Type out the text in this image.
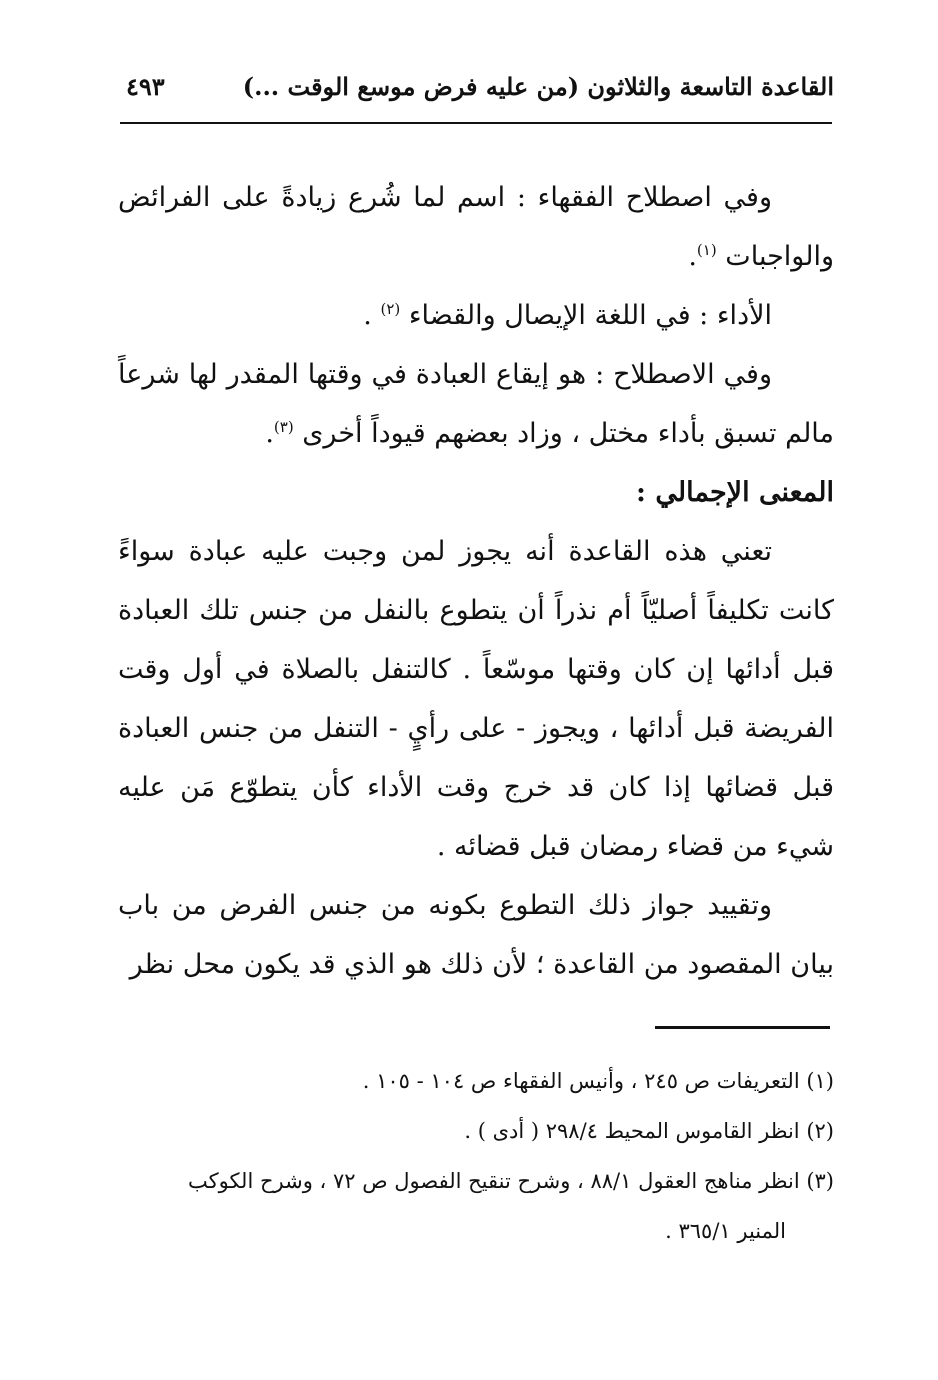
القاعدة التاسعة والثلاثون (من عليه فرض موسع الوقت ...)
٤٩٣

وفي اصطلاح الفقهاء : اسم لما شُرع زيادةً على الفرائض والواجبات $^{(١)}$.

الأداء : في اللغة الإيصال والقضاء $^{(٢)}$ .

وفي الاصطلاح : هو إيقاع العبادة في وقتها المقدر لها شرعاً مالم تسبق بأداء مختل ، وزاد بعضهم قيوداً أخرى $^{(٣)}$.

المعنى الإجمالي :

تعني هذه القاعدة أنه يجوز لمن وجبت عليه عبادة سواءً كانت تكليفاً أصليّاً أم نذراً أن يتطوع بالنفل من جنس تلك العبادة قبل أدائها إن كان وقتها موسّعاً . كالتنفل بالصلاة في أول وقت الفريضة قبل أدائها ، ويجوز - على رأيٍ - التنفل من جنس العبادة قبل قضائها إذا كان قد خرج وقت الأداء كأن يتطوّع مَن عليه شيء من قضاء رمضان قبل قضائه .

وتقييد جواز ذلك التطوع بكونه من جنس الفرض من باب بيان المقصود من القاعدة ؛ لأن ذلك هو الذي قد يكون محل نظر

(١) التعريفات ص ٢٤٥ ، وأنيس الفقهاء ص ١٠٤ - ١٠٥ .

(٢) انظر القاموس المحيط ٢٩٨/٤ ( أدى ) .

(٣) انظر مناهج العقول ٨٨/١ ، وشرح تنقيح الفصول ص ٧٢ ، وشرح الكوكب

المنير ٣٦٥/١ .
